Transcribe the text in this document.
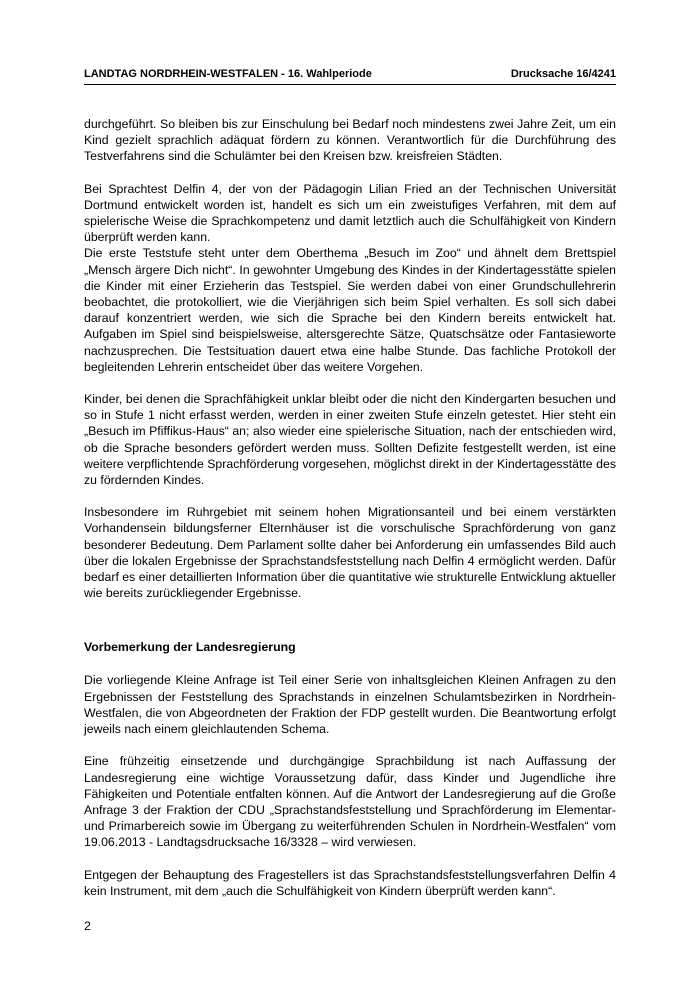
LANDTAG NORDRHEIN-WESTFALEN - 16. Wahlperiode	Drucksache 16/4241

durchgeführt. So bleiben bis zur Einschulung bei Bedarf noch mindestens zwei Jahre Zeit, um ein Kind gezielt sprachlich adäquat fördern zu können. Verantwortlich für die Durchführung des Testverfahrens sind die Schulämter bei den Kreisen bzw. kreisfreien Städten.

Bei Sprachtest Delfin 4, der von der Pädagogin Lilian Fried an der Technischen Universität Dortmund entwickelt worden ist, handelt es sich um ein zweistufiges Verfahren, mit dem auf spielerische Weise die Sprachkompetenz und damit letztlich auch die Schulfähigkeit von Kindern überprüft werden kann.

Die erste Teststufe steht unter dem Oberthema „Besuch im Zoo“ und ähnelt dem Brettspiel „Mensch ärgere Dich nicht“. In gewohnter Umgebung des Kindes in der Kindertagesstätte spielen die Kinder mit einer Erzieherin das Testspiel. Sie werden dabei von einer Grundschullehrerin beobachtet, die protokolliert, wie die Vierjährigen sich beim Spiel verhalten. Es soll sich dabei darauf konzentriert werden, wie sich die Sprache bei den Kindern bereits entwickelt hat. Aufgaben im Spiel sind beispielsweise, altersgerechte Sätze, Quatschsätze oder Fantasieworte nachzusprechen. Die Testsituation dauert etwa eine halbe Stunde. Das fachliche Protokoll der begleitenden Lehrerin entscheidet über das weitere Vorgehen.

Kinder, bei denen die Sprachfähigkeit unklar bleibt oder die nicht den Kindergarten besuchen und so in Stufe 1 nicht erfasst werden, werden in einer zweiten Stufe einzeln getestet. Hier steht ein „Besuch im Pfiffikus-Haus“ an; also wieder eine spielerische Situation, nach der entschieden wird, ob die Sprache besonders gefördert werden muss. Sollten Defizite festgestellt werden, ist eine weitere verpflichtende Sprachförderung vorgesehen, möglichst direkt in der Kindertagesstätte des zu fördernden Kindes.

Insbesondere im Ruhrgebiet mit seinem hohen Migrationsanteil und bei einem verstärkten Vorhandensein bildungsferner Elternhäuser ist die vorschulische Sprachförderung von ganz besonderer Bedeutung. Dem Parlament sollte daher bei Anforderung ein umfassendes Bild auch über die lokalen Ergebnisse der Sprachstandsfeststellung nach Delfin 4 ermöglicht werden. Dafür bedarf es einer detaillierten Information über die quantitative wie strukturelle Entwicklung aktueller wie bereits zurückliegender Ergebnisse.

Vorbemerkung der Landesregierung

Die vorliegende Kleine Anfrage ist Teil einer Serie von inhaltsgleichen Kleinen Anfragen zu den Ergebnissen der Feststellung des Sprachstands in einzelnen Schulamtsbezirken in Nordrhein-Westfalen, die von Abgeordneten der Fraktion der FDP gestellt wurden. Die Beantwortung erfolgt jeweils nach einem gleichlautenden Schema.

Eine frühzeitig einsetzende und durchgängige Sprachbildung ist nach Auffassung der Landesregierung eine wichtige Voraussetzung dafür, dass Kinder und Jugendliche ihre Fähigkeiten und Potentiale entfalten können. Auf die Antwort der Landesregierung auf die Große Anfrage 3 der Fraktion der CDU „Sprachstandsfeststellung und Sprachförderung im Elementar- und Primarbereich sowie im Übergang zu weiterführenden Schulen in Nordrhein-Westfalen“ vom 19.06.2013 - Landtagsdrucksache 16/3328 – wird verwiesen.

Entgegen der Behauptung des Fragestellers ist das Sprachstandsfeststellungsverfahren Delfin 4 kein Instrument, mit dem „auch die Schulfähigkeit von Kindern überprüft werden kann“.

2
